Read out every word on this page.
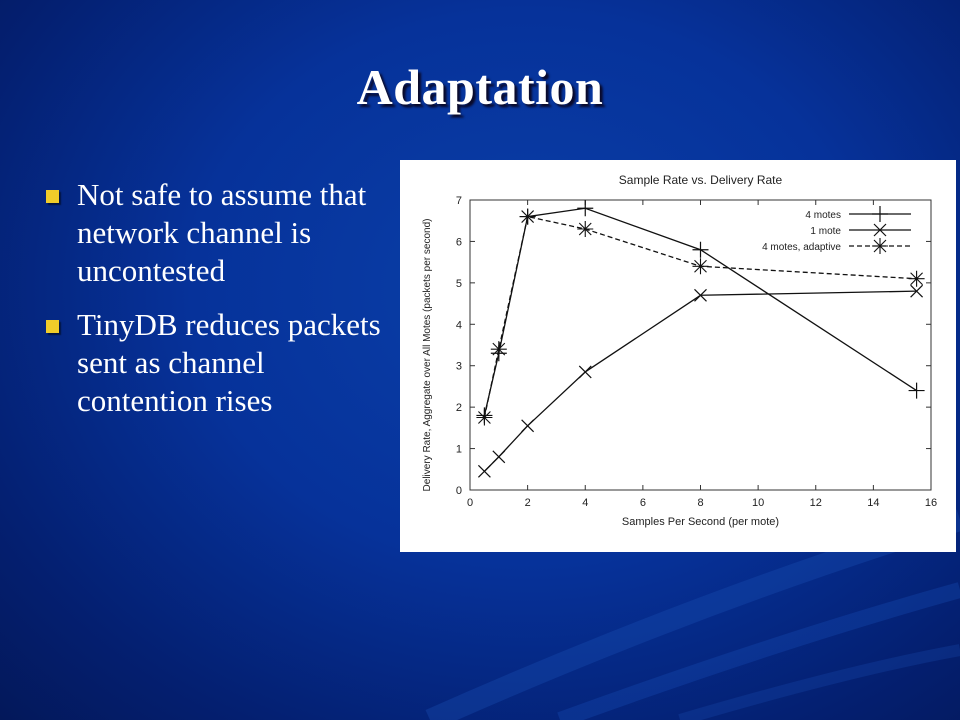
Adaptation
Not safe to assume that network channel is uncontested
TinyDB reduces packets sent as channel contention rises
Sample Rate vs. Delivery Rate
0	2	4	6	8	10	12	14	16
0
1
2
3
4
5
6
7
Samples Per Second (per mote)
Delivery Rate, Aggregate over All Motes (packets per second)
4 motes
1 mote
4 motes, adaptive
